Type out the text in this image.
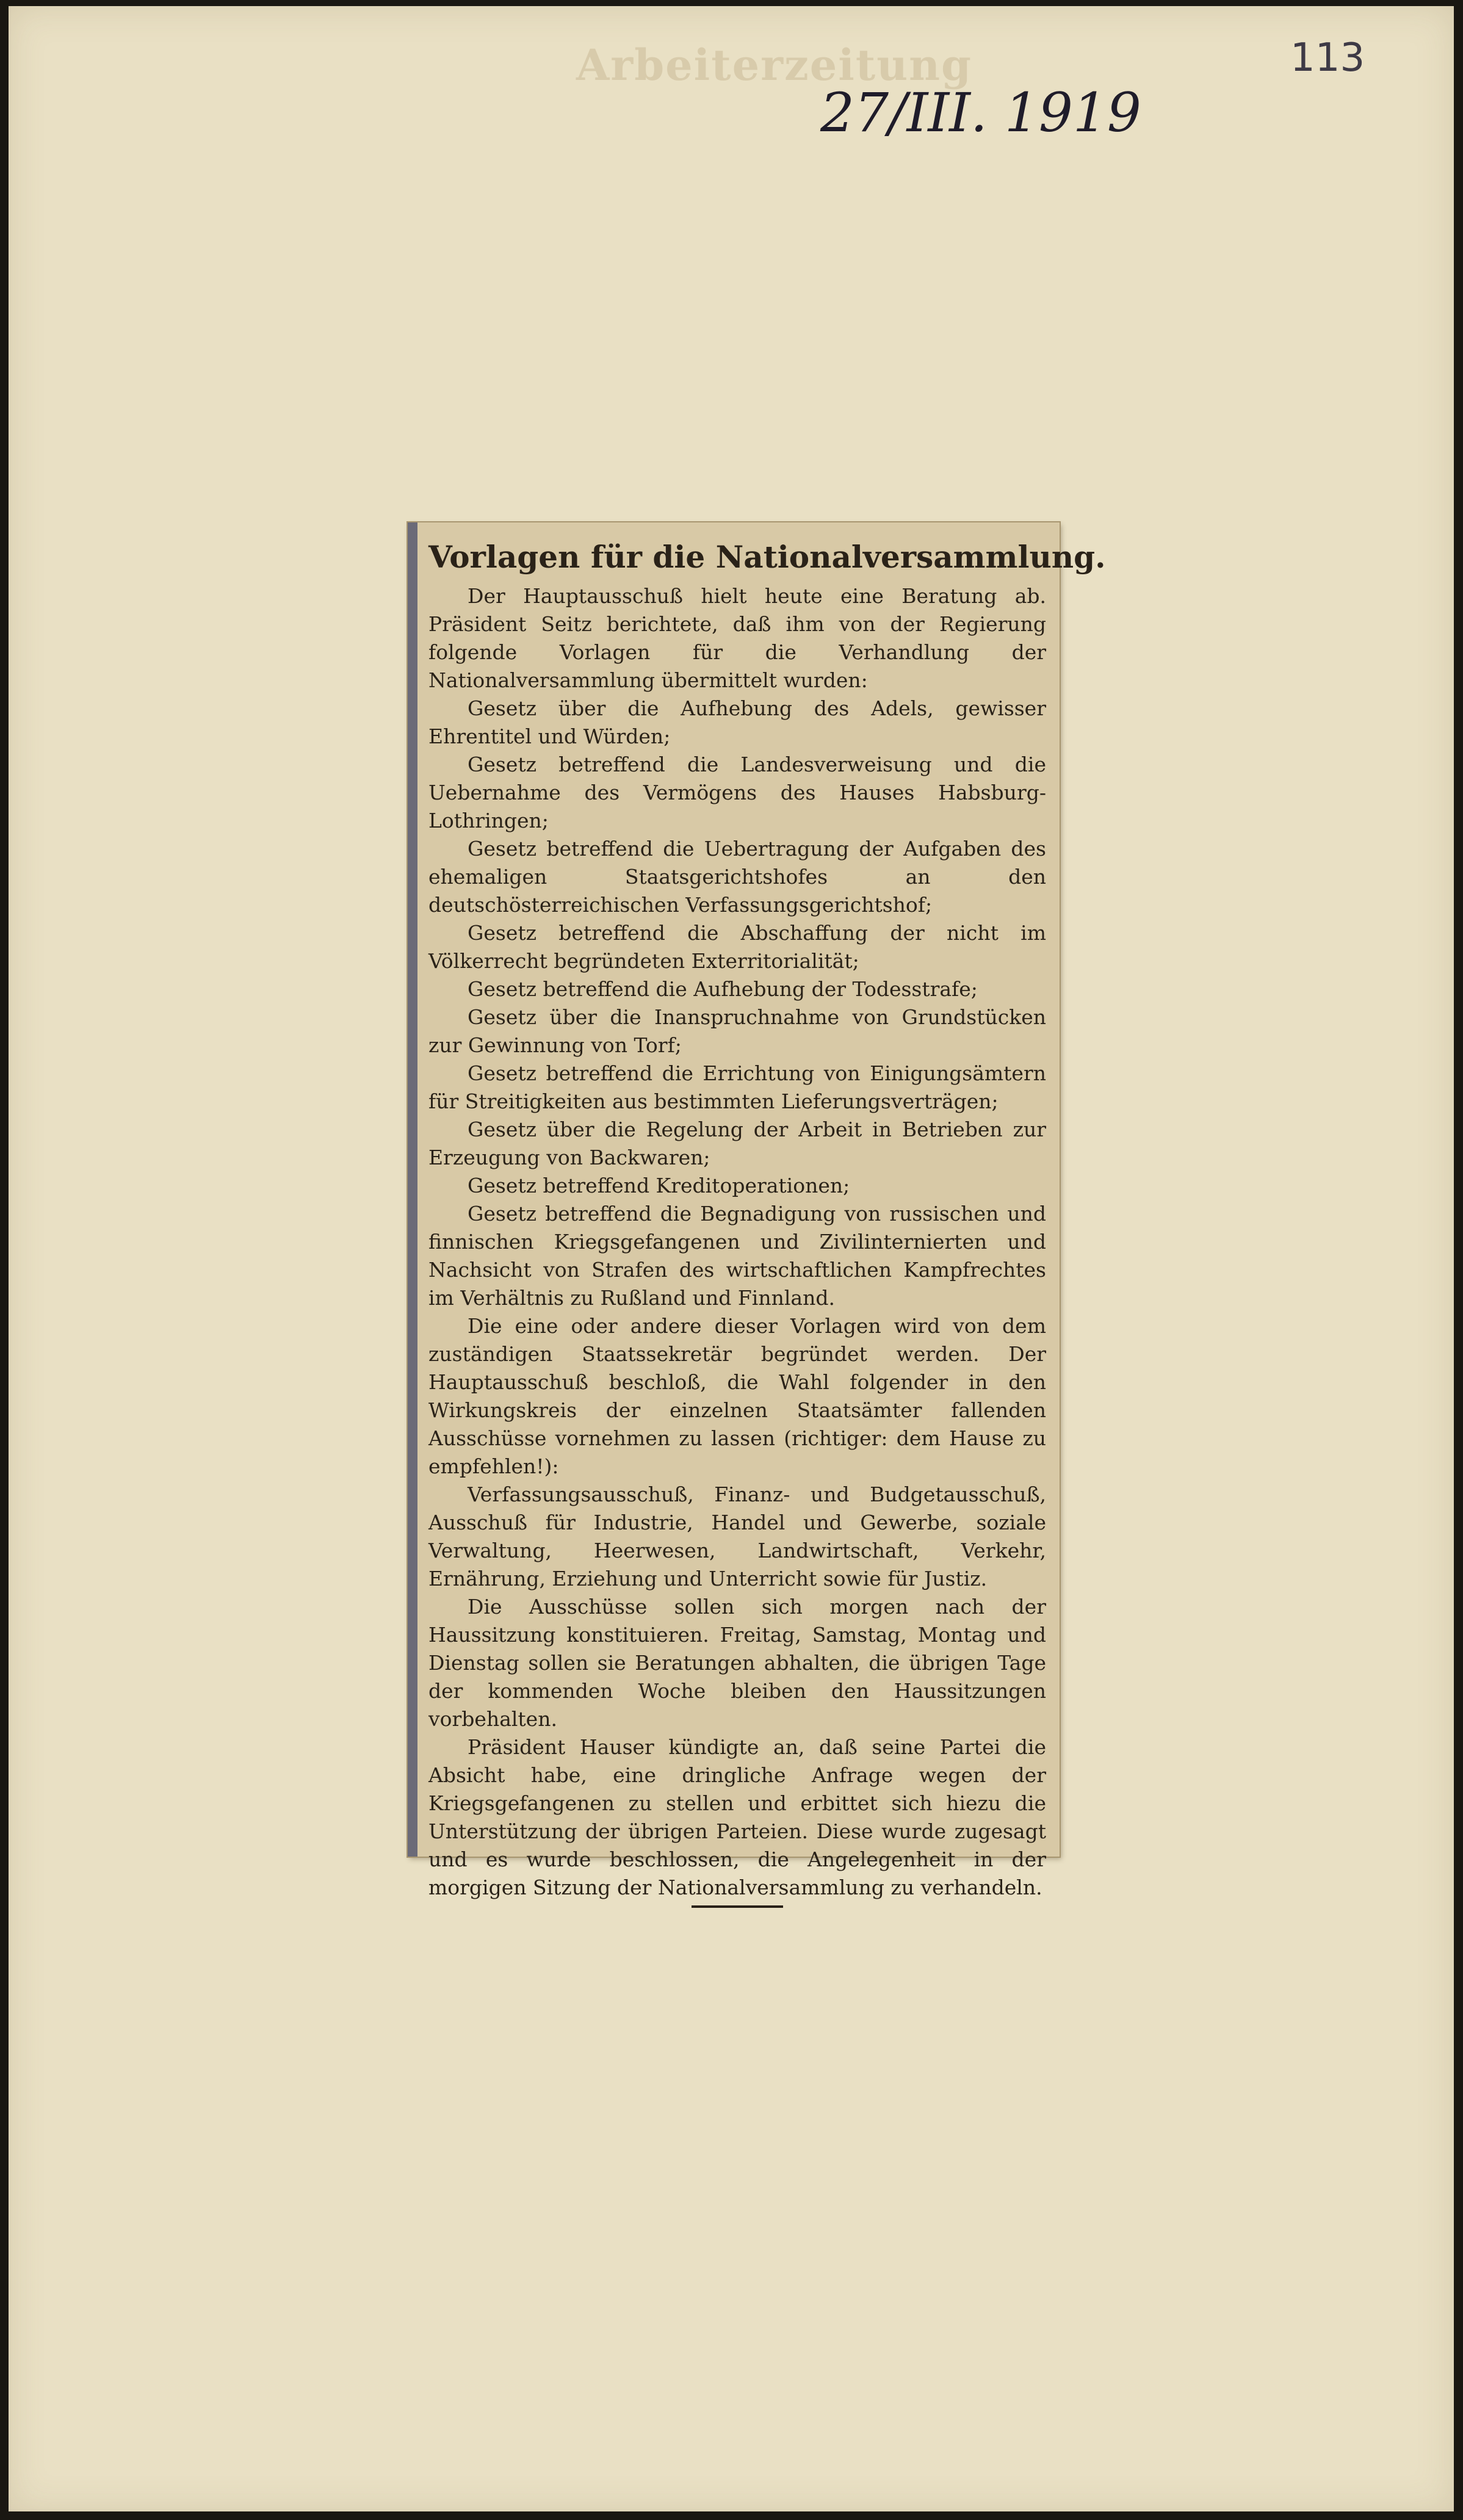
Arbeiterzeitung
27/III. 1919
113
Vorlagen für die Nationalversammlung.

Der Hauptausschuß hielt heute eine Beratung ab. Präsident Seitz berichtete, daß ihm von der Regierung folgende Vorlagen für die Verhandlung der Nationalversammlung übermittelt wurden:

Gesetz über die Aufhebung des Adels, gewisser Ehrentitel und Würden;

Gesetz betreffend die Landesverweisung und die Uebernahme des Vermögens des Hauses Habsburg-Lothringen;

Gesetz betreffend die Uebertragung der Aufgaben des ehemaligen Staatsgerichtshofes an den deutschösterreichischen Verfassungsgerichtshof;

Gesetz betreffend die Abschaffung der nicht im Völkerrecht begründeten Exterritorialität;

Gesetz betreffend die Aufhebung der Todesstrafe;

Gesetz über die Inanspruchnahme von Grundstücken zur Gewinnung von Torf;

Gesetz betreffend die Errichtung von Einigungsämtern für Streitigkeiten aus bestimmten Lieferungsverträgen;

Gesetz über die Regelung der Arbeit in Betrieben zur Erzeugung von Backwaren;

Gesetz betreffend Kreditoperationen;

Gesetz betreffend die Begnadigung von russischen und finnischen Kriegsgefangenen und Zivilinternierten und Nachsicht von Strafen des wirtschaftlichen Kampfrechtes im Verhältnis zu Rußland und Finnland.

Die eine oder andere dieser Vorlagen wird von dem zuständigen Staatssekretär begründet werden. Der Hauptausschuß beschloß, die Wahl folgender in den Wirkungskreis der einzelnen Staatsämter fallenden Ausschüsse vornehmen zu lassen (richtiger: dem Hause zu empfehlen!):

Verfassungsausschuß, Finanz- und Budgetausschuß, Ausschuß für Industrie, Handel und Gewerbe, soziale Verwaltung, Heerwesen, Landwirtschaft, Verkehr, Ernährung, Erziehung und Unterricht sowie für Justiz.

Die Ausschüsse sollen sich morgen nach der Haussitzung konstituieren. Freitag, Samstag, Montag und Dienstag sollen sie Beratungen abhalten, die übrigen Tage der kommenden Woche bleiben den Haussitzungen vorbehalten.

Präsident Hauser kündigte an, daß seine Partei die Absicht habe, eine dringliche Anfrage wegen der Kriegsgefangenen zu stellen und erbittet sich hiezu die Unterstützung der übrigen Parteien. Diese wurde zugesagt und es wurde beschlossen, die Angelegenheit in der morgigen Sitzung der Nationalversammlung zu verhandeln.
